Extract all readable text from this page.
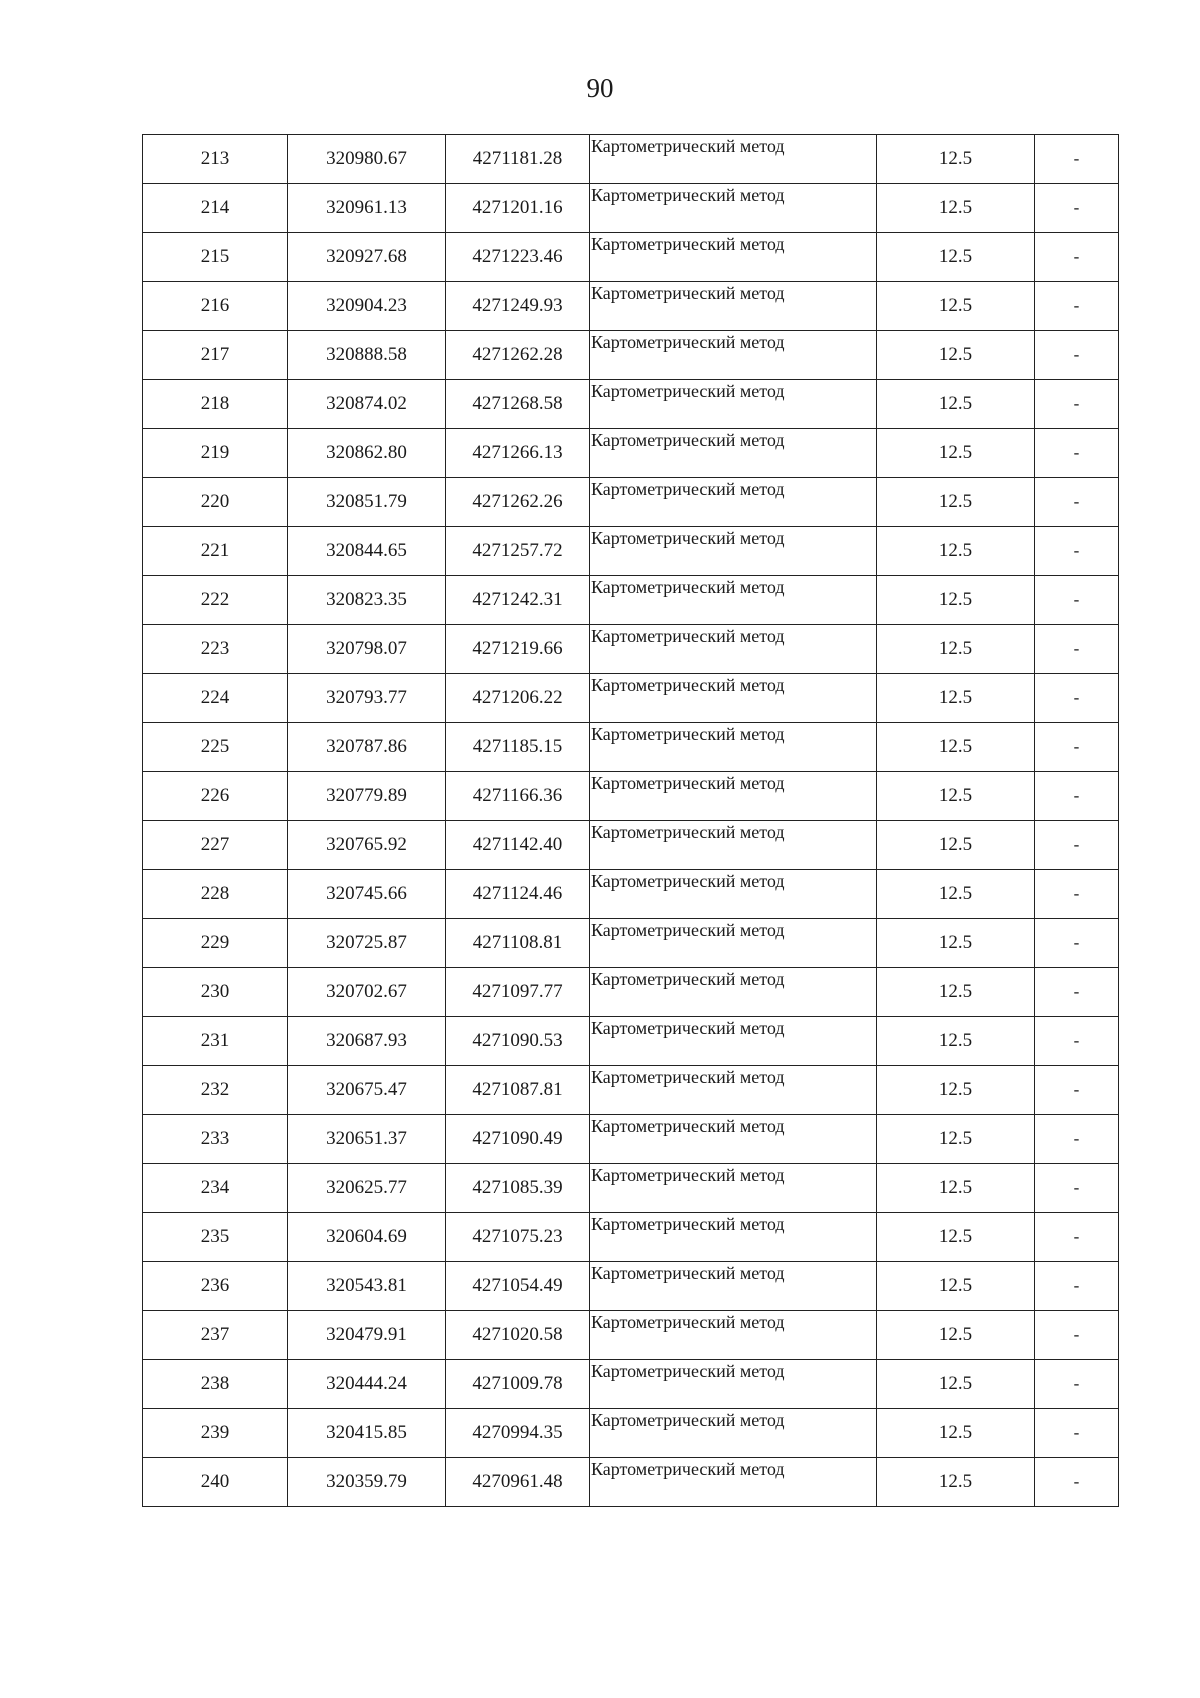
90
213	320980.67	4271181.28	Картометрический метод	12.5	-
214	320961.13	4271201.16	Картометрический метод	12.5	-
215	320927.68	4271223.46	Картометрический метод	12.5	-
216	320904.23	4271249.93	Картометрический метод	12.5	-
217	320888.58	4271262.28	Картометрический метод	12.5	-
218	320874.02	4271268.58	Картометрический метод	12.5	-
219	320862.80	4271266.13	Картометрический метод	12.5	-
220	320851.79	4271262.26	Картометрический метод	12.5	-
221	320844.65	4271257.72	Картометрический метод	12.5	-
222	320823.35	4271242.31	Картометрический метод	12.5	-
223	320798.07	4271219.66	Картометрический метод	12.5	-
224	320793.77	4271206.22	Картометрический метод	12.5	-
225	320787.86	4271185.15	Картометрический метод	12.5	-
226	320779.89	4271166.36	Картометрический метод	12.5	-
227	320765.92	4271142.40	Картометрический метод	12.5	-
228	320745.66	4271124.46	Картометрический метод	12.5	-
229	320725.87	4271108.81	Картометрический метод	12.5	-
230	320702.67	4271097.77	Картометрический метод	12.5	-
231	320687.93	4271090.53	Картометрический метод	12.5	-
232	320675.47	4271087.81	Картометрический метод	12.5	-
233	320651.37	4271090.49	Картометрический метод	12.5	-
234	320625.77	4271085.39	Картометрический метод	12.5	-
235	320604.69	4271075.23	Картометрический метод	12.5	-
236	320543.81	4271054.49	Картометрический метод	12.5	-
237	320479.91	4271020.58	Картометрический метод	12.5	-
238	320444.24	4271009.78	Картометрический метод	12.5	-
239	320415.85	4270994.35	Картометрический метод	12.5	-
240	320359.79	4270961.48	Картометрический метод	12.5	-
